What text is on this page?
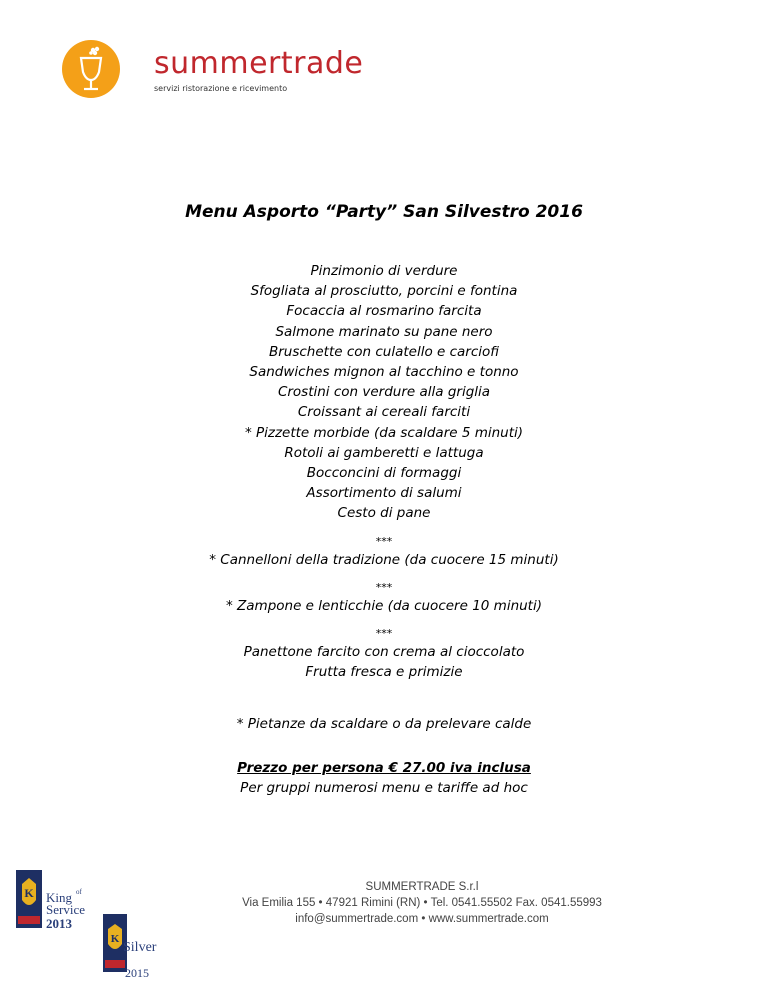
summertrade
servizi ristorazione e ricevimento
Menu Asporto “Party” San Silvestro 2016
Pinzimonio di verdure
Sfogliata al prosciutto, porcini e fontina
Focaccia al rosmarino farcita
Salmone marinato su pane nero
Bruschette con culatello e carciofi
Sandwiches mignon al tacchino e tonno
Crostini con verdure alla griglia
Croissant ai cereali farciti
* Pizzette morbide (da scaldare 5 minuti)
Rotoli ai gamberetti e lattuga
Bocconcini di formaggi
Assortimento di salumi
Cesto di pane
***
* Cannelloni della tradizione (da cuocere 15 minuti)
***
* Zampone e lenticchie (da cuocere 10 minuti)
***
Panettone farcito con crema al cioccolato
Frutta fresca e primizie
* Pietanze da scaldare o da prelevare calde
Prezzo per persona € 27.00 iva inclusa
Per gruppi numerosi menu e tariffe ad hoc
SUMMERTRADE S.r.l
Via Emilia 155 • 47921 Rimini (RN) • Tel. 0541.55502 Fax. 0541.55993
info@summertrade.com • www.summertrade.com
K King of
Service
2013
K
Silver
2015
